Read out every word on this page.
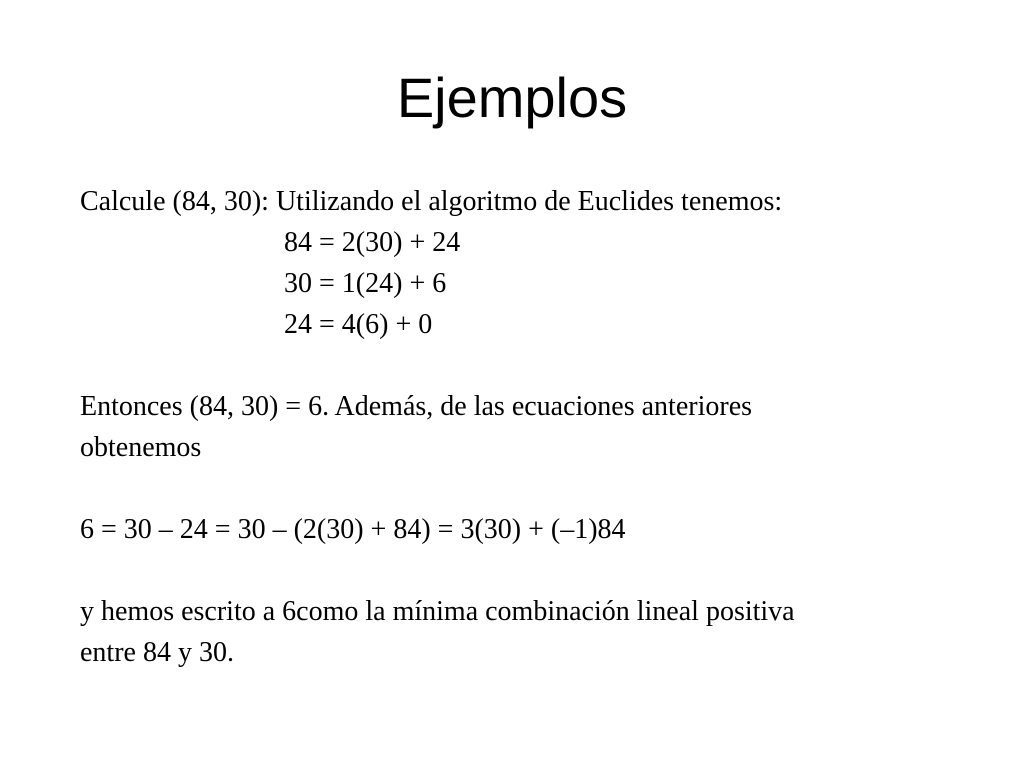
Ejemplos
Calcule (84, 30): Utilizando el algoritmo de Euclides tenemos:
84 = 2(30) + 24
30 = 1(24) + 6
24 = 4(6) + 0
Entonces (84, 30) = 6. Además, de las ecuaciones anteriores
obtenemos
6 = 30 – 24 = 30 – (2(30) + 84) = 3(30) + (–1)84
y hemos escrito a 6como la mínima combinación lineal positiva
entre 84 y 30.
